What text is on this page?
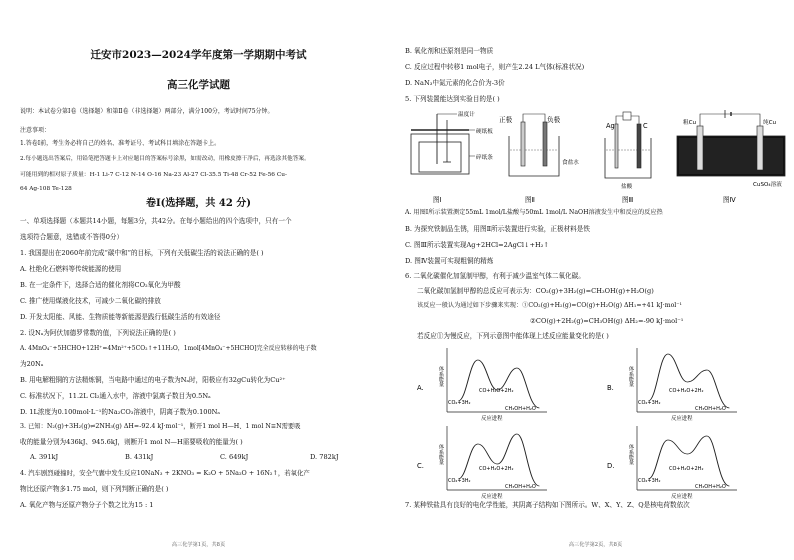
迁安市2023—2024学年度第一学期期中考试
高三化学试题
说明：本试卷分第Ⅰ卷（选择题）和第Ⅱ卷（非选择题）两部分，满分100分，考试时间75分钟。
注意事项：
1.答卷Ⅰ前，考生务必将自己的姓名、准考证号、考试科目填涂在答题卡上。
2.每小题选出答案后，用铅笔把答题卡上对应题目的答案标号涂黑，如需改动，用橡皮擦干净后，再选涂其他答案。
可能用到的相对原子质量：H-1 Li-7 C-12 N-14 O-16 Na-23 Al-27 Cl-35.5 Ti-48 Cr-52 Fe-56 Cu-
64 Ag-108 Te-128
卷Ⅰ(选择题，共 42 分)
一、单项选择题（本题共14小题，每题3分，共42分。在每小题给出的四个选项中，只有一个
选项符合题意，选错或不答得0分）
1. 我国提出在2060年前完成“碳中和”的目标，下列有关低碳生活的说法正确的是( )
A. 杜绝化石燃料等传统能源的使用
B. 在一定条件下，选择合适的催化剂将CO₂氧化为甲酸
C. 推广使用煤液化技术，可减少二氧化碳的排放
D. 开发太阳能、风能、生物质能等新能源是践行低碳生活的有效途径
2. 设Nₐ为阿伏加德罗常数的值，下列说法正确的是( )
A. 4MnO₄⁻+5HCHO+12H⁺=4Mn²⁺+5CO₂↑+11H₂O，1mol[4MnO₄⁻+5HCHO]完全反应转移的电子数
为20Nₐ
B. 用电解粗铜的方法精炼铜，当电路中通过的电子数为Nₐ时，阳极应有32gCu转化为Cu²⁺
C. 标准状况下，11.2L Cl₂通入水中，溶液中氯离子数目为0.5Nₐ
D. 1L浓度为0.100mol·L⁻¹的Na₂CO₃溶液中，阴离子数为0.100Nₐ
3. 已知：N₂(g)+3H₂(g)⇌2NH₃(g) ΔH=-92.4 kJ·mol⁻¹，断开1 mol H—H、1 mol N≡N需要吸
收的能量分别为436kJ、945.6kJ，则断开1 mol N—H需要吸收的能量为( )
A. 391kJ	B. 431kJ	C. 649kJ	D. 782kJ
4. 汽车剧烈碰撞时，安全气囊中发生反应10NaN₃ + 2KNO₃ = K₂O + 5Na₂O + 16N₂↑，若氧化产
物比还原产物多1.75 mol，则下列判断正确的是( )
A. 氧化产物与还原产物分子个数之比为15 : 1
高三化学第1页，共8页
B. 氧化剂和还原剂是同一物质
C. 反应过程中转移1 mol电子，则产生2.24 L气体(标准状况)
D. NaN₃中氮元素的化合价为-3价
5. 下列装置能达到实验目的是( )
温度计
硬纸板
碎纸条
正极	负极
食盐水
Ag	C
盐酸
粗Cu	纯Cu
CuSO₄溶液
图Ⅰ	图Ⅱ	图Ⅲ	图Ⅳ
A. 用图Ⅰ所示装置测定55mL 1mol/L盐酸与50mL 1mol/L NaOH溶液发生中和反应的反应热
B. 为探究铁制品生锈，用图Ⅱ所示装置进行实验，正极材料是铁
C. 图Ⅲ所示装置实现Ag+2HCl=2AgCl↓+H₂↑
D. 图Ⅳ装置可实现粗铜的精炼
6. 二氧化碳催化加氢制甲醇，有利于减少温室气体二氧化碳。
二氧化碳加氢制甲醇的总反应可表示为：CO₂(g)+3H₂(g)=CH₃OH(g)+H₂O(g)
该反应一般认为通过如下步骤来实现：①CO₂(g)+H₂(g)=CO(g)+H₂O(g) ΔH₁=+41 kJ·mol⁻¹
②CO(g)+2H₂(g)=CH₃OH(g) ΔH₂=-90 kJ·mol⁻¹
若反应①为慢反应，下列示意图中能体现上述反应能量变化的是( )
A.
体系能量
反应进程
CO₂+3H₂
CO+H₂O+2H₂
CH₃OH+H₂O
B.
体系能量
反应进程
CO₂+3H₂
CO+H₂O+2H₂
CH₃OH+H₂O
C.
体系能量
反应进程
CO₂+3H₂
CO+H₂O+2H₂
CH₃OH+H₂O
D.
体系能量
反应进程
CO₂+3H₂
CO+H₂O+2H₂
CH₃OH+H₂O
7. 某种铁盐具有良好的电化学性能，其阴离子结构如下图所示。W、X、Y、Z、Q是核电荷数依次
高三化学第2页，共8页
